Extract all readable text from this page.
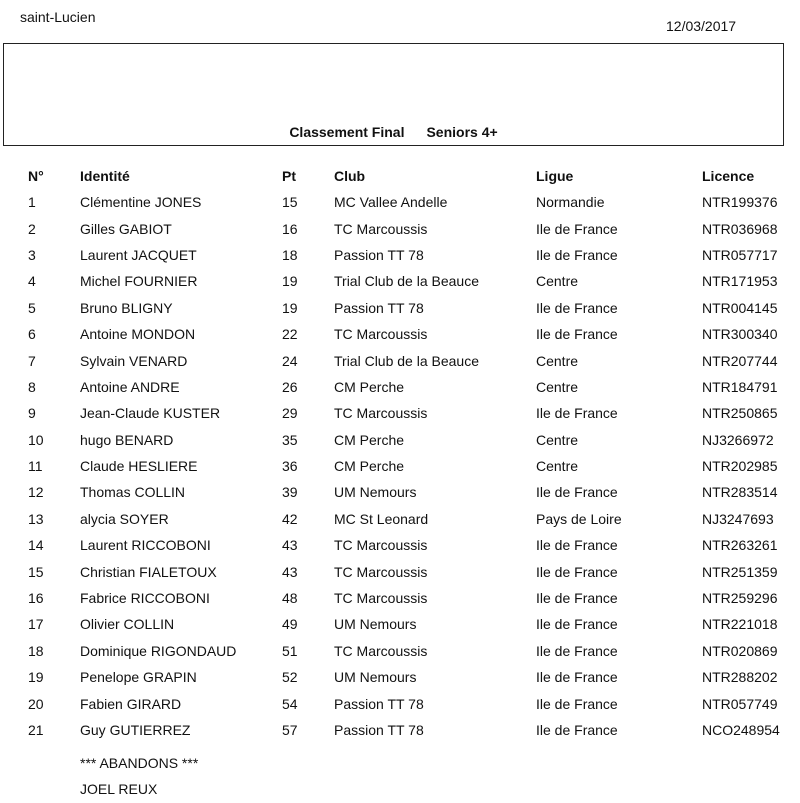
saint-Lucien
12/03/2017
Classement Final Seniors 4+
N°	Identité	Pt	Club	Ligue	Licence
1	Clémentine JONES	15	MC Vallee Andelle	Normandie	NTR199376
2	Gilles GABIOT	16	TC Marcoussis	Ile de France	NTR036968
3	Laurent JACQUET	18	Passion TT 78	Ile de France	NTR057717
4	Michel FOURNIER	19	Trial Club de la Beauce	Centre	NTR171953
5	Bruno BLIGNY	19	Passion TT 78	Ile de France	NTR004145
6	Antoine MONDON	22	TC Marcoussis	Ile de France	NTR300340
7	Sylvain VENARD	24	Trial Club de la Beauce	Centre	NTR207744
8	Antoine ANDRE	26	CM Perche	Centre	NTR184791
9	Jean-Claude KUSTER	29	TC Marcoussis	Ile de France	NTR250865
10	hugo BENARD	35	CM Perche	Centre	NJ3266972
11	Claude HESLIERE	36	CM Perche	Centre	NTR202985
12	Thomas COLLIN	39	UM Nemours	Ile de France	NTR283514
13	alycia SOYER	42	MC St Leonard	Pays de Loire	NJ3247693
14	Laurent RICCOBONI	43	TC Marcoussis	Ile de France	NTR263261
15	Christian FIALETOUX	43	TC Marcoussis	Ile de France	NTR251359
16	Fabrice RICCOBONI	48	TC Marcoussis	Ile de France	NTR259296
17	Olivier COLLIN	49	UM Nemours	Ile de France	NTR221018
18	Dominique RIGONDAUD	51	TC Marcoussis	Ile de France	NTR020869
19	Penelope GRAPIN	52	UM Nemours	Ile de France	NTR288202
20	Fabien GIRARD	54	Passion TT 78	Ile de France	NTR057749
21	Guy GUTIERREZ	57	Passion TT 78	Ile de France	NCO248954
*** ABANDONS ***
JOEL REUX
